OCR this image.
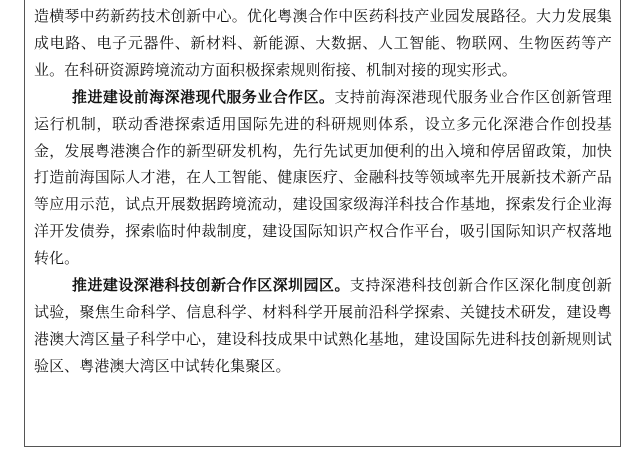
造横琴中药新药技术创新中心。优化粤澳合作中医药科技产业园发展路径。大力发展集成电路、电子元器件、新材料、新能源、大数据、人工智能、物联网、生物医药等产业。在科研资源跨境流动方面积极探索规则衔接、机制对接的现实形式。

推进建设前海深港现代服务业合作区。支持前海深港现代服务业合作区创新管理运行机制，联动香港探索适用国际先进的科研规则体系，设立多元化深港合作创投基金，发展粤港澳合作的新型研发机构，先行先试更加便利的出入境和停居留政策，加快打造前海国际人才港，在人工智能、健康医疗、金融科技等领域率先开展新技术新产品等应用示范，试点开展数据跨境流动，建设国家级海洋科技合作基地，探索发行企业海洋开发债券，探索临时仲裁制度，建设国际知识产权合作平台，吸引国际知识产权落地转化。

推进建设深港科技创新合作区深圳园区。支持深港科技创新合作区深化制度创新试验，聚焦生命科学、信息科学、材料科学开展前沿科学探索、关键技术研发，建设粤港澳大湾区量子科学中心，建设科技成果中试熟化基地，建设国际先进科技创新规则试验区、粤港澳大湾区中试转化集聚区。
